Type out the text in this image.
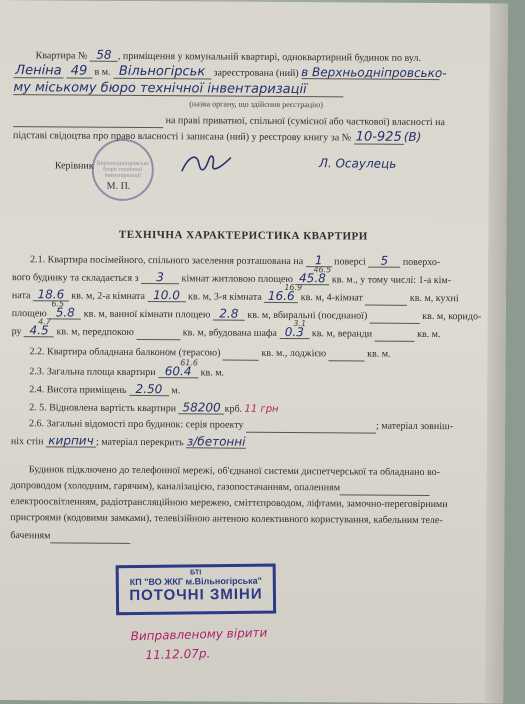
Квартира № 58 , приміщення у комунальній квартирі, одноквартирний будинок по вул.
Леніна 49 в м. Вільногірськ зареєстрована (ний) в Верхньодніпровсько-
му міському бюро технічної інвентаризації
(назва органу, що здійснив реєстрацію)
на праві приватної, спільної (сумісної або часткової) власності на
підставі свідоцтва про право власності і записана (ний) у реєстрову книгу за № 10-925 (В)
Верхньодніпровське бюро технічної інвентаризації
Керівник
М. П.
Л. Осаулець
ТЕХНІЧНА ХАРАКТЕРИСТИКА КВАРТИРИ
2.1. Квартира посімейного, спільного заселення розташована на 1 поверсі 5 поверхо-
вого будинку та складається з 3 кімнат житловою площею 45.8
46.5
кв. м., у тому числі: 1-а кім-
ната 18.6 кв. м, 2-а кімната 10.0 кв. м, 3-я кімната 16.6
16.9
кв. м, 4-кімнат	кв. м, кухні
площею 5.8
6.5
кв. м, ванної кімнати площею 2.8 кв. м, вбиральні (поєднаної)	кв. м, коридо-
ру 4.5
4.7
кв. м, передпокою	кв. м, вбудована шафа 0.3
3.1
кв. м, веранди	кв. м.
2.2. Квартира обладнана балконом (терасою)	кв. м., лоджією	кв. м.
2.3. Загальна площа квартири 60.4
61.6
кв. м.
2.4. Висота приміщень 2.50 м.
2. 5. Відновлена вартість квартири 58200 крб. 11 грн
2.6. Загальні відомості про будинок: серія проекту	; матеріал зовніш-
ніх стін кирпич ; матеріал перекрить з/бетонні
Будинок підключено до телефонної мережі, об'єднаної системи диспетчерської та обладнано во-
допроводом (холодним, гарячим), каналізацією, газопостачанням, опаленням
електроосвітленням, радіотрансляційною мережею, сміттєпроводом, ліфтами, замочно-переговірними
пристроями (кодовими замками), телевізійною антеною колективного користування, кабельним теле-
баченням
БТІ
КП "ВО ЖКГ м.Вільногірська"
ПОТОЧНІ ЗМІНИ
Виправленому вірити
11.12.07р.
